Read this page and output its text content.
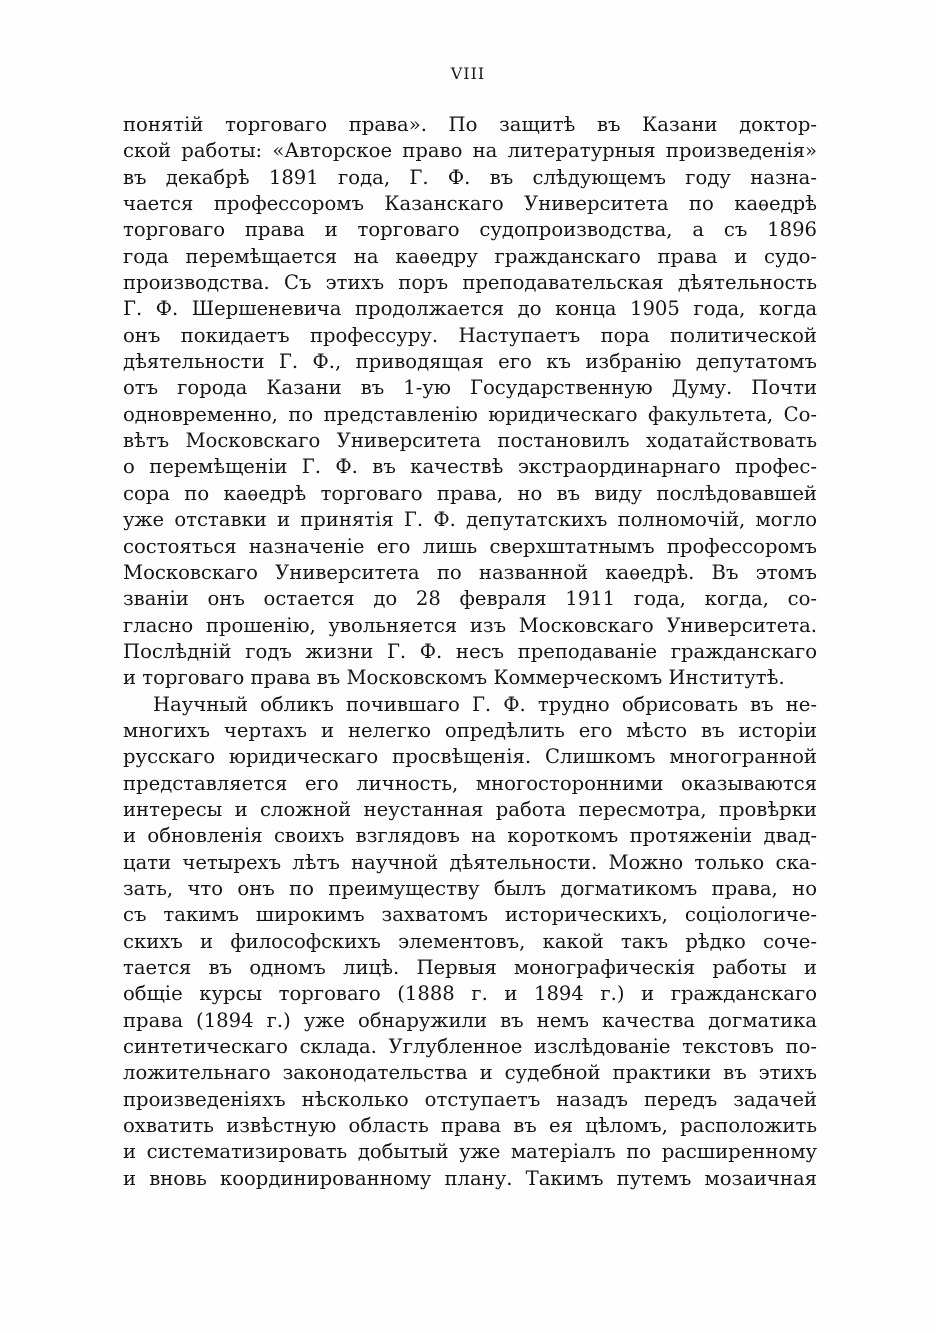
VIII
понятій торговаго права». По защитѣ въ Казани доктор-
ской работы: «Авторское право на литературныя произведенія»
въ декабрѣ 1891 года, Г. Ф. въ слѣдующемъ году назна-
чается профессоромъ Казанскаго Университета по каѳедрѣ
торговаго права и торговаго судопроизводства, а съ 1896
года перемѣщается на каѳедру гражданскаго права и судо-
производства. Съ этихъ поръ преподавательская дѣятельность
Г. Ф. Шершеневича продолжается до конца 1905 года, когда
онъ покидаетъ профессуру. Наступаетъ пора политической
дѣятельности Г. Ф., приводящая его къ избранію депутатомъ
отъ города Казани въ 1-ую Государственную Думу. Почти
одновременно, по представленію юридическаго факультета, Со-
вѣтъ Московскаго Университета постановилъ ходатайствовать
о перемѣщеніи Г. Ф. въ качествѣ экстраординарнаго профес-
сора по каѳедрѣ торговаго права, но въ виду послѣдовавшей
уже отставки и принятія Г. Ф. депутатскихъ полномочій, могло
состояться назначеніе его лишь сверхштатнымъ профессоромъ
Московскаго Университета по названной каѳедрѣ. Въ этомъ
званіи онъ остается до 28 февраля 1911 года, когда, со-
гласно прошенію, увольняется изъ Московскаго Университета.
Послѣдній годъ жизни Г. Ф. несъ преподаваніе гражданскаго
и торговаго права въ Московскомъ Коммерческомъ Институтѣ.
Научный обликъ почившаго Г. Ф. трудно обрисовать въ не-
многихъ чертахъ и нелегко опредѣлить его мѣсто въ исторіи
русскаго юридическаго просвѣщенія. Слишкомъ многогранной
представляется его личность, многосторонними оказываются
интересы и сложной неустанная работа пересмотра, провѣрки
и обновленія своихъ взглядовъ на короткомъ протяженіи двад-
цати четырехъ лѣтъ научной дѣятельности. Можно только ска-
зать, что онъ по преимуществу былъ догматикомъ права, но
съ такимъ широкимъ захватомъ историческихъ, соціологиче-
скихъ и философскихъ элементовъ, какой такъ рѣдко соче-
тается въ одномъ лицѣ. Первыя монографическія работы и
общіе курсы торговаго (1888 г. и 1894 г.) и гражданскаго
права (1894 г.) уже обнаружили въ немъ качества догматика
синтетическаго склада. Углубленное изслѣдованіе текстовъ по-
ложительнаго законодательства и судебной практики въ этихъ
произведеніяхъ нѣсколько отступаетъ назадъ передъ задачей
охватить извѣстную область права въ ея цѣломъ, расположить
и систематизировать добытый уже матеріалъ по расширенному
и вновь координированному плану. Такимъ путемъ мозаичная
